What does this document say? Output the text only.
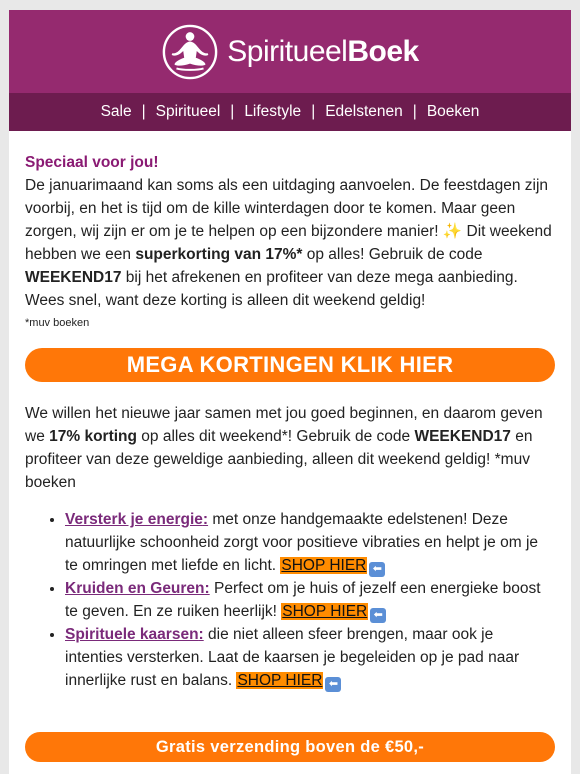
SpiritueelBoek
Sale | Spiritueel | Lifestyle | Edelstenen | Boeken
Speciaal voor jou!
De januarimaand kan soms als een uitdaging aanvoelen. De feestdagen zijn voorbij, en het is tijd om de kille winterdagen door te komen. Maar geen zorgen, wij zijn er om je te helpen op een bijzondere manier! ✨ Dit weekend hebben we een superkorting van 17%* op alles! Gebruik de code WEEKEND17 bij het afrekenen en profiteer van deze mega aanbieding. Wees snel, want deze korting is alleen dit weekend geldig!
*muv boeken
MEGA KORTINGEN KLIK HIER
We willen het nieuwe jaar samen met jou goed beginnen, en daarom geven we 17% korting op alles dit weekend*! Gebruik de code WEEKEND17 en profiteer van deze geweldige aanbieding, alleen dit weekend geldig! *muv boeken
• Versterk je energie: met onze handgemaakte edelstenen! Deze natuurlijke schoonheid zorgt voor positieve vibraties en helpt je om je te omringen met liefde en licht. SHOP HIER ⬅
• Kruiden en Geuren: Perfect om je huis of jezelf een energieke boost te geven. En ze ruiken heerlijk! SHOP HIER ⬅
• Spirituele kaarsen: die niet alleen sfeer brengen, maar ook je intenties versterken. Laat de kaarsen je begeleiden op je pad naar innerlijke rust en balans. SHOP HIER ⬅
Gratis verzending boven de €50,-
